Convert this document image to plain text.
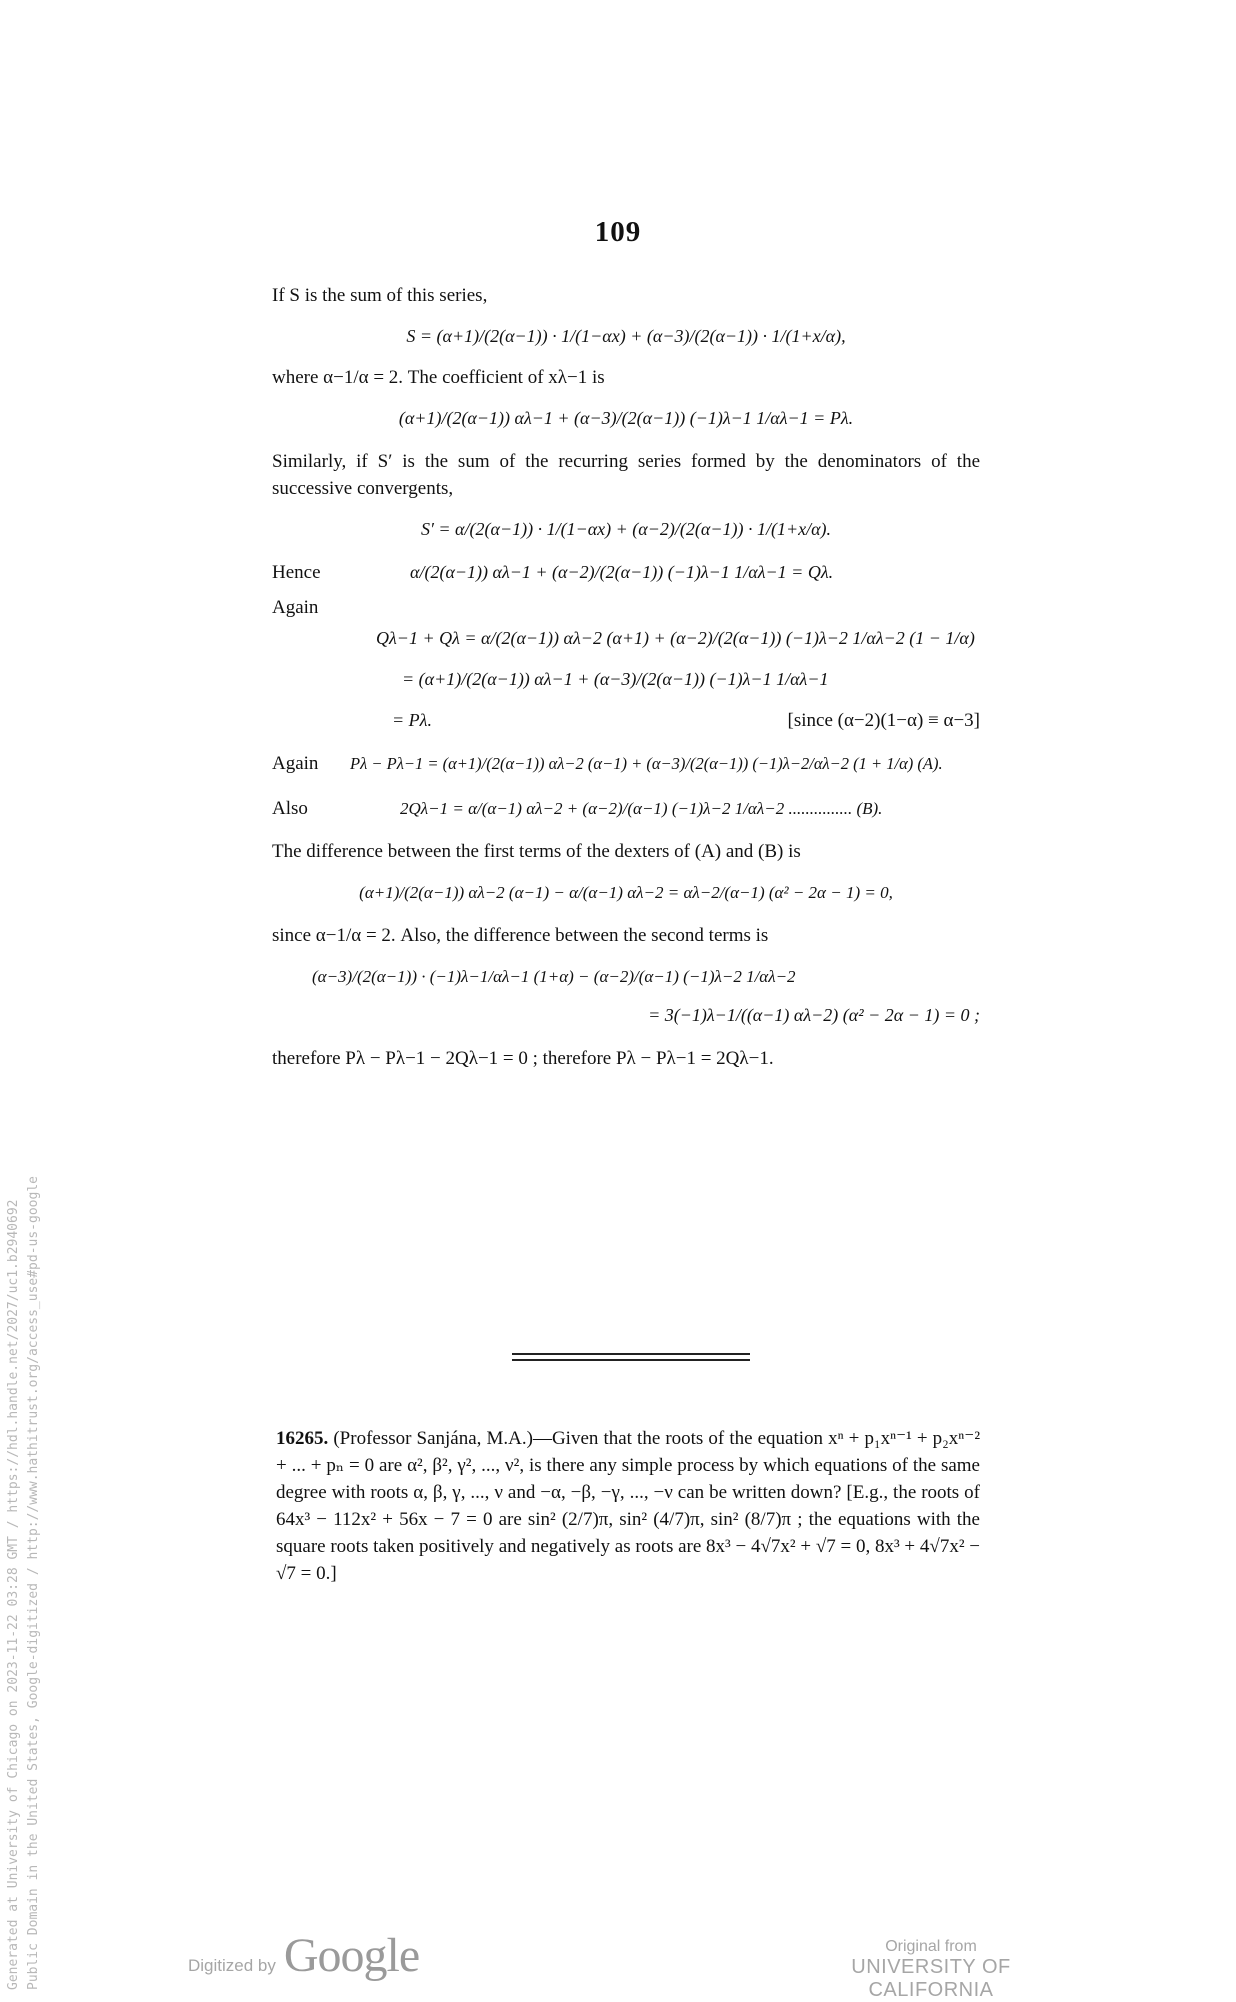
109

If S is the sum of this series,

S = (α+1)/(2(α−1)) · 1/(1−αx) + (α−3)/(2(α−1)) · 1/(1+x/α),

where α−1/α = 2. The coefficient of xλ−1 is

(α+1)/(2(α−1)) αλ−1 + (α−3)/(2(α−1)) (−1)λ−1 1/αλ−1 = Pλ.

Similarly, if S′ is the sum of the recurring series formed by the denominators of the successive convergents,

S′ = α/(2(α−1)) · 1/(1−αx) + (α−2)/(2(α−1)) · 1/(1+x/α).
Hence	α/(2(α−1)) αλ−1 + (α−2)/(2(α−1)) (−1)λ−1 1/αλ−1 = Qλ.

Again

Qλ−1 + Qλ = α/(2(α−1)) αλ−2 (α+1) + (α−2)/(2(α−1)) (−1)λ−2 1/αλ−2 (1 − 1/α)
= (α+1)/(2(α−1)) αλ−1 + (α−3)/(2(α−1)) (−1)λ−1 1/αλ−1
= Pλ.	[since (α−2)(1−α) ≡ α−3]
Again	Pλ − Pλ−1 = (α+1)/(2(α−1)) αλ−2 (α−1) + (α−3)/(2(α−1)) (−1)λ−2/αλ−2 (1 + 1/α) (A).
Also	2Qλ−1 = α/(α−1) αλ−2 + (α−2)/(α−1) (−1)λ−2 1/αλ−2 ............... (B).

The difference between the first terms of the dexters of (A) and (B) is

(α+1)/(2(α−1)) αλ−2 (α−1) − α/(α−1) αλ−2 = αλ−2/(α−1) (α² − 2α − 1) = 0,

since α−1/α = 2. Also, the difference between the second terms is

(α−3)/(2(α−1)) · (−1)λ−1/αλ−1 (1+α) − (α−2)/(α−1) (−1)λ−2 1/αλ−2
= 3(−1)λ−1/((α−1) αλ−2) (α² − 2α − 1) = 0 ;

therefore Pλ − Pλ−1 − 2Qλ−1 = 0 ; therefore Pλ − Pλ−1 = 2Qλ−1.

16265. (Professor Sanjána, M.A.)—Given that the roots of the equation xⁿ + p₁xⁿ⁻¹ + p₂xⁿ⁻² + ... + pₙ = 0 are α², β², γ², ..., ν², is there any simple process by which equations of the same degree with roots α, β, γ, ..., ν and −α, −β, −γ, ..., −ν can be written down? [E.g., the roots of 64x³ − 112x² + 56x − 7 = 0 are sin² (2/7)π, sin² (4/7)π, sin² (8/7)π ; the equations with the square roots taken positively and negatively as roots are 8x³ − 4√7x² + √7 = 0, 8x³ + 4√7x² − √7 = 0.]
Generated at University of Chicago on 2023-11-22 03:28 GMT / https://hdl.handle.net/2027/uc1.b2940692 Public Domain in the United States, Google-digitized / http://www.hathitrust.org/access_use#pd-us-google	Digitized by Google	Original from
UNIVERSITY OF CALIFORNIA
